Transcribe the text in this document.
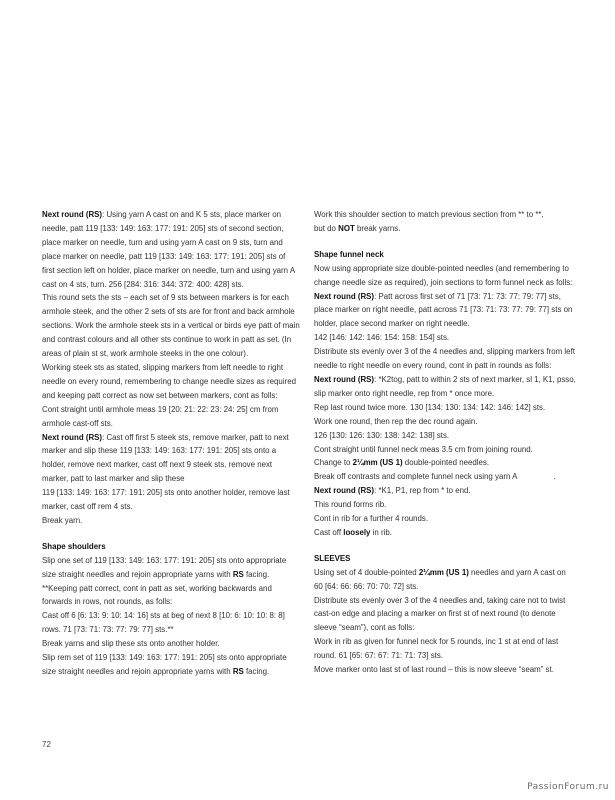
Next round (RS): Using yarn A cast on and K 5 sts, place marker on needle, patt 119 [133: 149: 163: 177: 191: 205] sts of second section, place marker on needle, turn and using yarn A cast on 9 sts, turn and place marker on needle, patt 119 [133: 149: 163: 177: 191: 205] sts of first section left on holder, place marker on needle, turn and using yarn A cast on 4 sts, turn. 256 [284: 316: 344: 372: 400: 428] sts.

This round sets the sts – each set of 9 sts between markers is for each armhole steek, and the other 2 sets of sts are for front and back armhole sections. Work the armhole steek sts in a vertical or birds eye patt of main and contrast colours and all other sts continue to work in patt as set. (In areas of plain st st, work armhole steeks in the one colour).

Working steek sts as stated, slipping markers from left needle to right needle on every round, remembering to change needle sizes as required and keeping patt correct as now set between markers, cont as folls:

Cont straight until armhole meas 19 [20: 21: 22: 23: 24: 25] cm from armhole cast-off sts.

Next round (RS): Cast off first 5 steek sts, remove marker, patt to next marker and slip these 119 [133: 149: 163: 177: 191: 205] sts onto a holder, remove next marker, cast off next 9 steek sts, remove next marker, patt to last marker and slip these

119 [133: 149: 163: 177: 191: 205] sts onto another holder, remove last marker, cast off rem 4 sts.

Break yarn.

Shape shoulders

Slip one set of 119 [133: 149: 163: 177: 191: 205] sts onto appropriate size straight needles and rejoin appropriate yarns with RS facing.

**Keeping patt correct, cont in patt as set, working backwards and forwards in rows, not rounds, as folls:

Cast off 6 [6: 13: 9: 10: 14: 16] sts at beg of next 8 [10: 6: 10: 10: 8: 8] rows. 71 [73: 71: 73: 77: 79: 77] sts.**

Break yarns and slip these sts onto another holder.

Slip rem set of 119 [133: 149: 163: 177: 191: 205] sts onto appropriate size straight needles and rejoin appropriate yarns with RS facing.

Work this shoulder section to match previous section from ** to **,

but do NOT break yarns.

Shape funnel neck

Now using appropriate size double-pointed needles (and remembering to change needle size as required), join sections to form funnel neck as folls:

Next round (RS): Patt across first set of 71 [73: 71: 73: 77: 79: 77] sts, place marker on right needle, patt across 71 [73: 71: 73: 77: 79: 77] sts on holder, place second marker on right needle.

142 [146: 142: 146: 154: 158: 154] sts.

Distribute sts evenly over 3 of the 4 needles and, slipping markers from left needle to right needle on every round, cont in patt in rounds as folls:

Next round (RS): *K2tog, patt to within 2 sts of next marker, sl 1, K1, psso, slip marker onto right needle, rep from * once more.

Rep last round twice more. 130 [134: 130: 134: 142: 146: 142] sts.

Work one round, then rep the dec round again.

126 [130: 126: 130: 138: 142: 138] sts.

Cont straight until funnel neck meas 3.5 cm from joining round.

Change to 2¼mm (US 1) double-pointed needles.

Break off contrasts and complete funnel neck using yarn A	.

Next round (RS): *K1, P1, rep from * to end.

This round forms rib.

Cont in rib for a further 4 rounds.

Cast off loosely in rib.

SLEEVES

Using set of 4 double-pointed 2¼mm (US 1) needles and yarn A cast on 60 [64: 66: 66: 70: 70: 72] sts.

Distribute sts evenly over 3 of the 4 needles and, taking care not to twist cast-on edge and placing a marker on first st of next round (to denote sleeve “seam”), cont as folls:

Work in rib as given for funnel neck for 5 rounds, inc 1 st at end of last round. 61 [65: 67: 67: 71: 71: 73] sts.

Move marker onto last st of last round – this is now sleeve “seam” st.

72
PassionForum.ru
